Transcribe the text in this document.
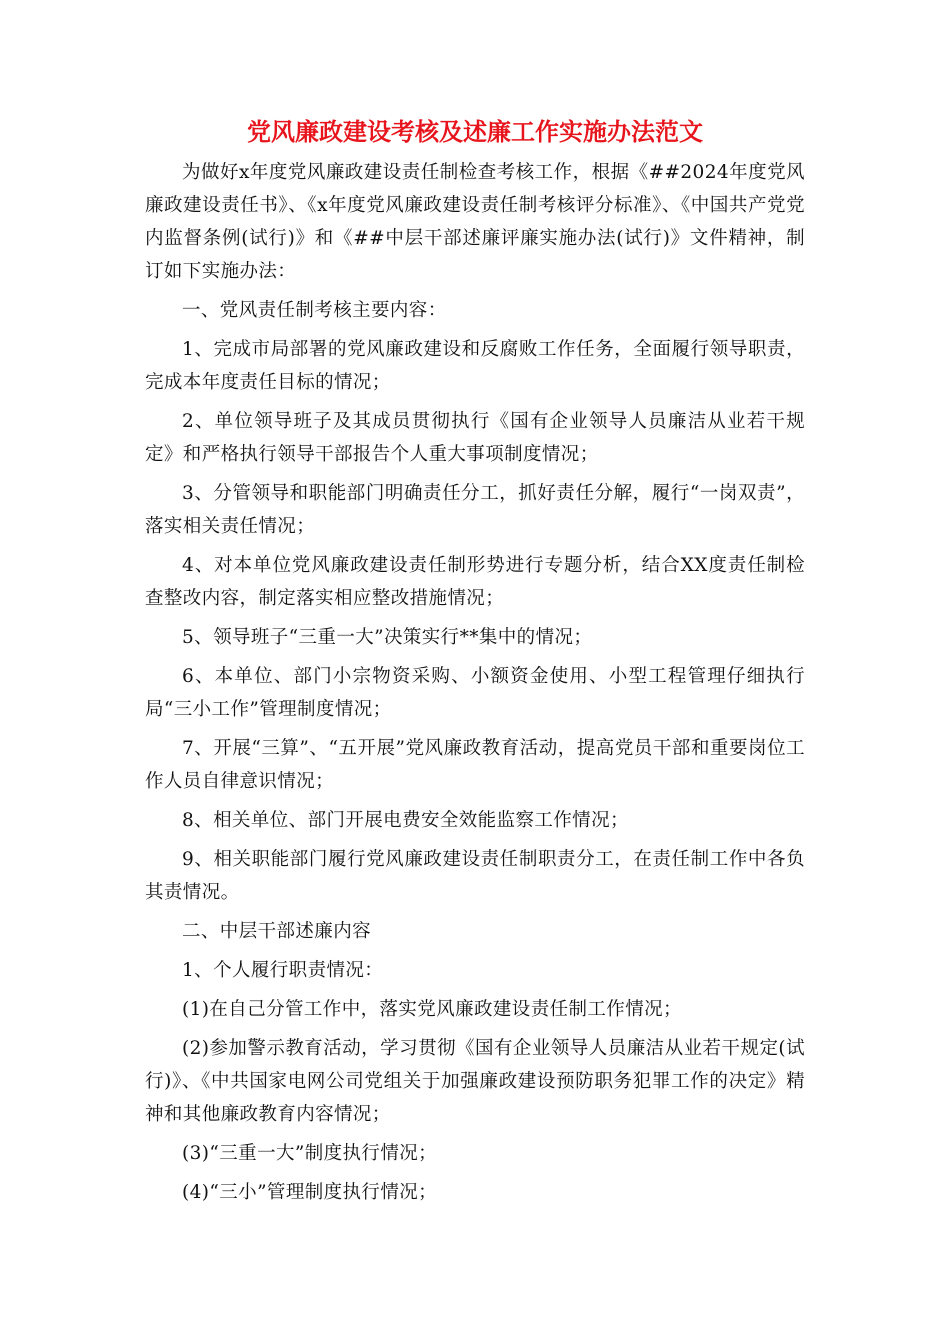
党风廉政建设考核及述廉工作实施办法范文

为做好x年度党风廉政建设责任制检查考核工作，根据《##2024年度党风廉政建设责任书》、《x年度党风廉政建设责任制考核评分标准》、《中国共产党党内监督条例(试行)》和《##中层干部述廉评廉实施办法(试行)》文件精神，制订如下实施办法：

一、党风责任制考核主要内容：

1、完成市局部署的党风廉政建设和反腐败工作任务，全面履行领导职责，完成本年度责任目标的情况；

2、单位领导班子及其成员贯彻执行《国有企业领导人员廉洁从业若干规定》和严格执行领导干部报告个人重大事项制度情况；

3、分管领导和职能部门明确责任分工，抓好责任分解，履行“一岗双责”，落实相关责任情况；

4、对本单位党风廉政建设责任制形势进行专题分析，结合XX度责任制检查整改内容，制定落实相应整改措施情况；

5、领导班子“三重一大”决策实行**集中的情况；

6、本单位、部门小宗物资采购、小额资金使用、小型工程管理仔细执行局“三小工作”管理制度情况；

7、开展“三算”、“五开展”党风廉政教育活动，提高党员干部和重要岗位工作人员自律意识情况；

8、相关单位、部门开展电费安全效能监察工作情况；

9、相关职能部门履行党风廉政建设责任制职责分工，在责任制工作中各负其责情况。

二、中层干部述廉内容

1、个人履行职责情况：

(1)在自己分管工作中，落实党风廉政建设责任制工作情况；

(2)参加警示教育活动，学习贯彻《国有企业领导人员廉洁从业若干规定(试行)》、《中共国家电网公司党组关于加强廉政建设预防职务犯罪工作的决定》精神和其他廉政教育内容情况；

(3)“三重一大”制度执行情况；

(4)“三小”管理制度执行情况；
